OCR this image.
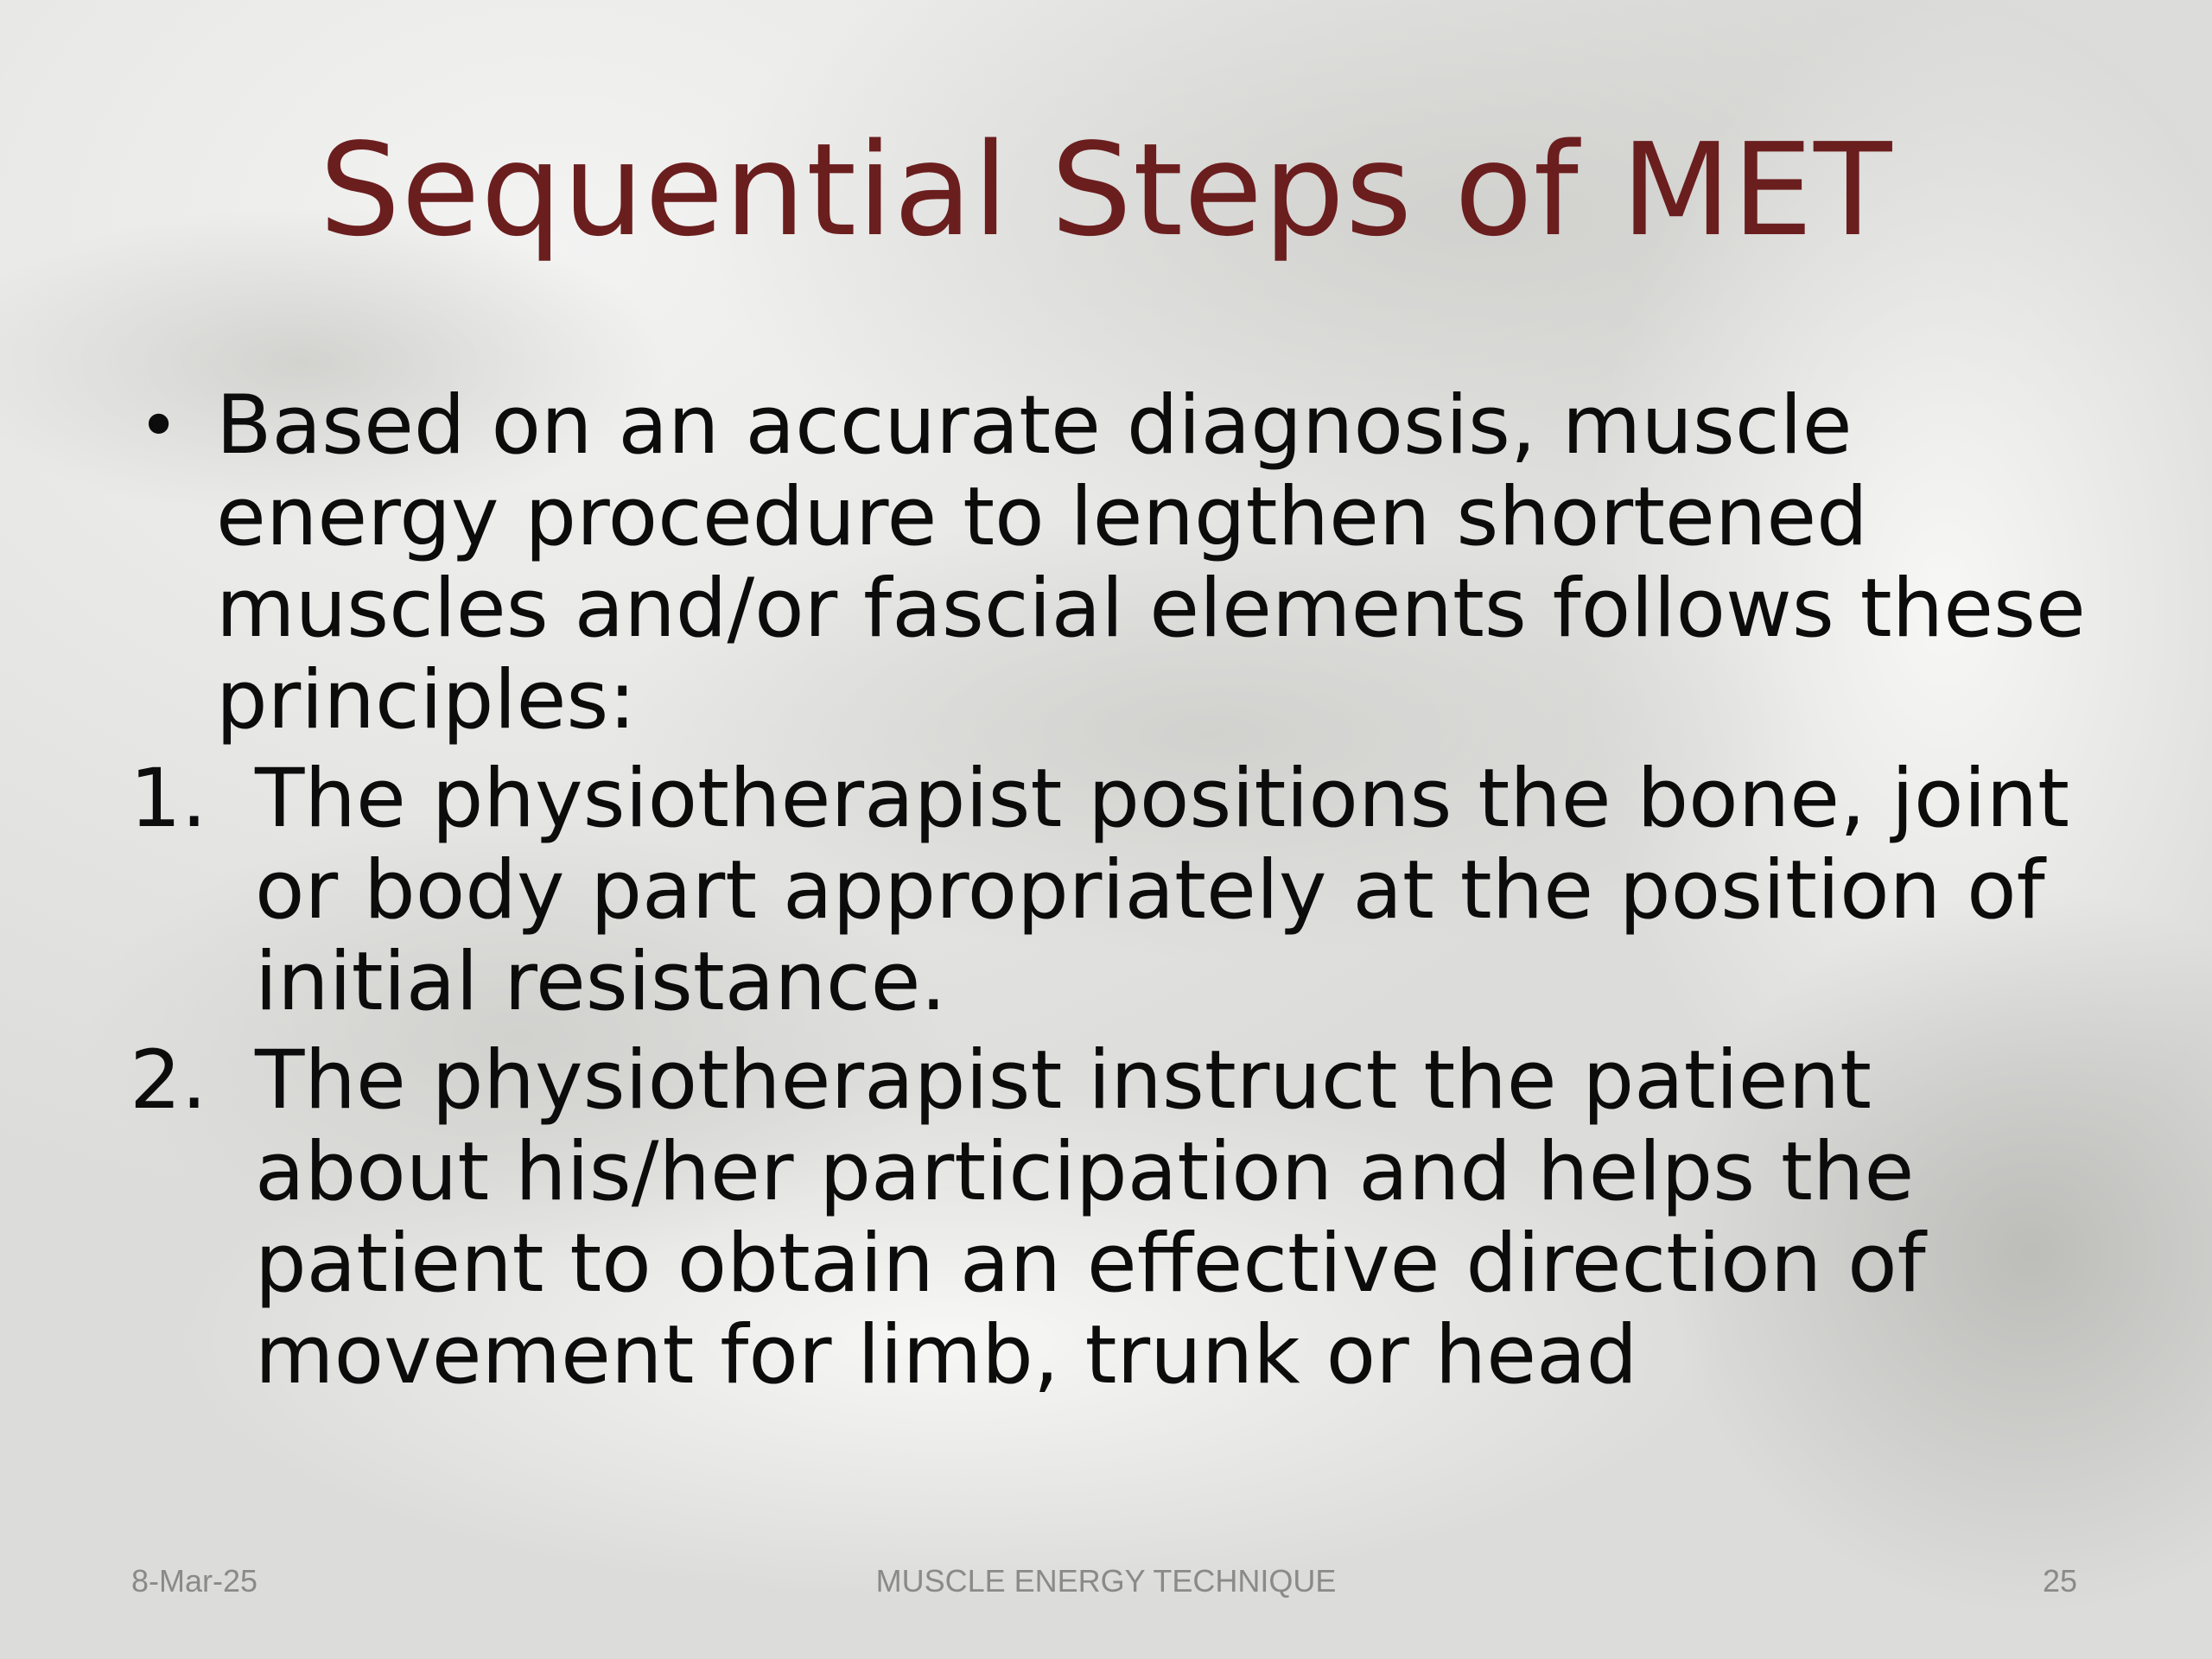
Sequential Steps of MET

• Based on an accurate diagnosis, muscle energy procedure to lengthen shortened muscles and/or fascial elements follows these principles:

1. The physiotherapist positions the bone, joint or body part appropriately at the position of initial resistance.

2. The physiotherapist instruct the patient about his/her participation and helps the patient to obtain an effective direction of movement for limb, trunk or head

8-Mar-25	MUSCLE ENERGY TECHNIQUE	25
